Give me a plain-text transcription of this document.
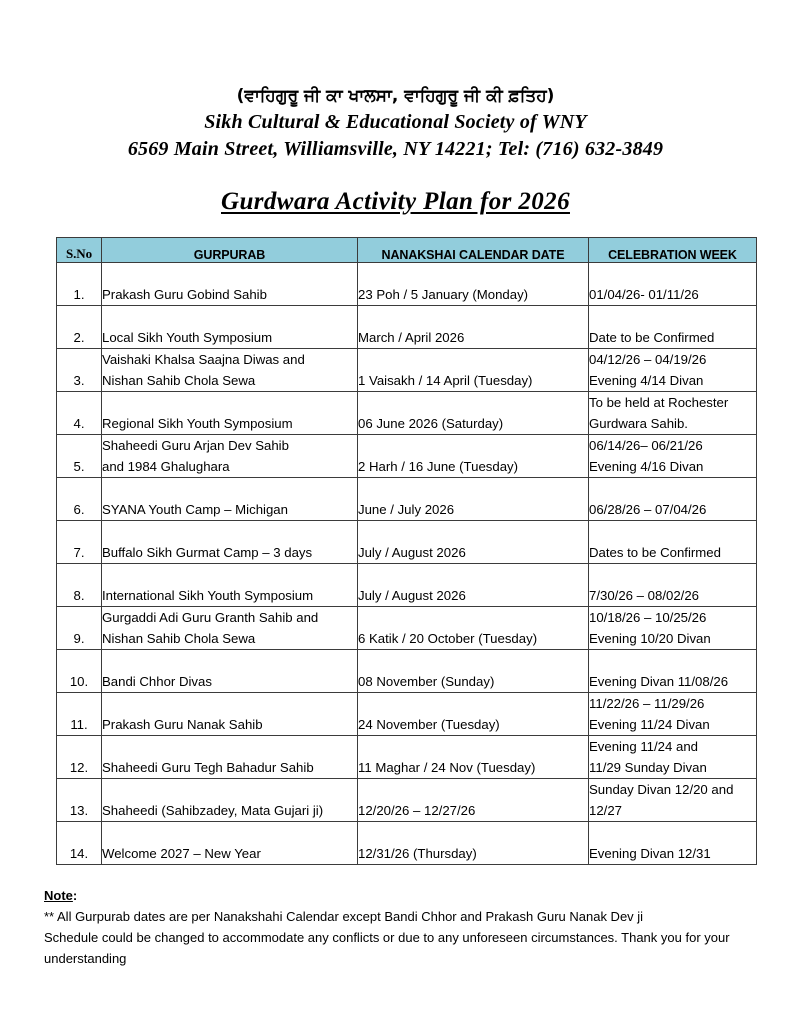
(ਵਾਹਿਗੁਰੂ ਜੀ ਕਾ ਖਾਲਸਾ, ਵਾਹਿਗੁਰੂ ਜੀ ਕੀ ਫ਼ਤਿਹ)
Sikh Cultural & Educational Society of WNY
6569 Main Street, Williamsville, NY 14221; Tel: (716) 632-3849
Gurdwara Activity Plan for 2026
S.No	GURPURAB	NANAKSHAI CALENDAR DATE	CELEBRATION WEEK

1.	Prakash Guru Gobind Sahib	23 Poh / 5 January (Monday)	01/04/26- 01/11/26

2.	Local Sikh Youth Symposium	March / April 2026	Date to be Confirmed

3.	Vaishaki Khalsa Saajna Diwas and
Nishan Sahib Chola Sewa	1 Vaisakh / 14 April (Tuesday)	04/12/26 – 04/19/26
Evening 4/14 Divan

4.	Regional Sikh Youth Symposium	06 June 2026 (Saturday)	To be held at Rochester
Gurdwara Sahib.

5.	Shaheedi Guru Arjan Dev Sahib
and 1984 Ghalughara	2 Harh / 16 June (Tuesday)	06/14/26– 06/21/26
Evening 4/16 Divan

6.	SYANA Youth Camp – Michigan	June / July 2026	06/28/26 – 07/04/26

7.	Buffalo Sikh Gurmat Camp – 3 days	July / August 2026	Dates to be Confirmed

8.	International Sikh Youth Symposium	July / August 2026	7/30/26 – 08/02/26

9.	Gurgaddi Adi Guru Granth Sahib and
Nishan Sahib Chola Sewa	6 Katik / 20 October (Tuesday)	10/18/26 – 10/25/26
Evening 10/20 Divan

10.	Bandi Chhor Divas	08 November (Sunday)	Evening Divan 11/08/26

11.	Prakash Guru Nanak Sahib	24 November (Tuesday)	11/22/26 – 11/29/26
Evening 11/24 Divan

12.	Shaheedi Guru Tegh Bahadur Sahib	11 Maghar / 24 Nov (Tuesday)	Evening 11/24 and
11/29 Sunday Divan

13.	Shaheedi (Sahibzadey, Mata Gujari ji)	12/20/26 – 12/27/26	Sunday Divan 12/20 and
12/27

14.	Welcome 2027 – New Year	12/31/26 (Thursday)	Evening Divan 12/31
Note:
** All Gurpurab dates are per Nanakshahi Calendar except Bandi Chhor and Prakash Guru Nanak Dev ji
Schedule could be changed to accommodate any conflicts or due to any unforeseen circumstances. Thank you for your
understanding
